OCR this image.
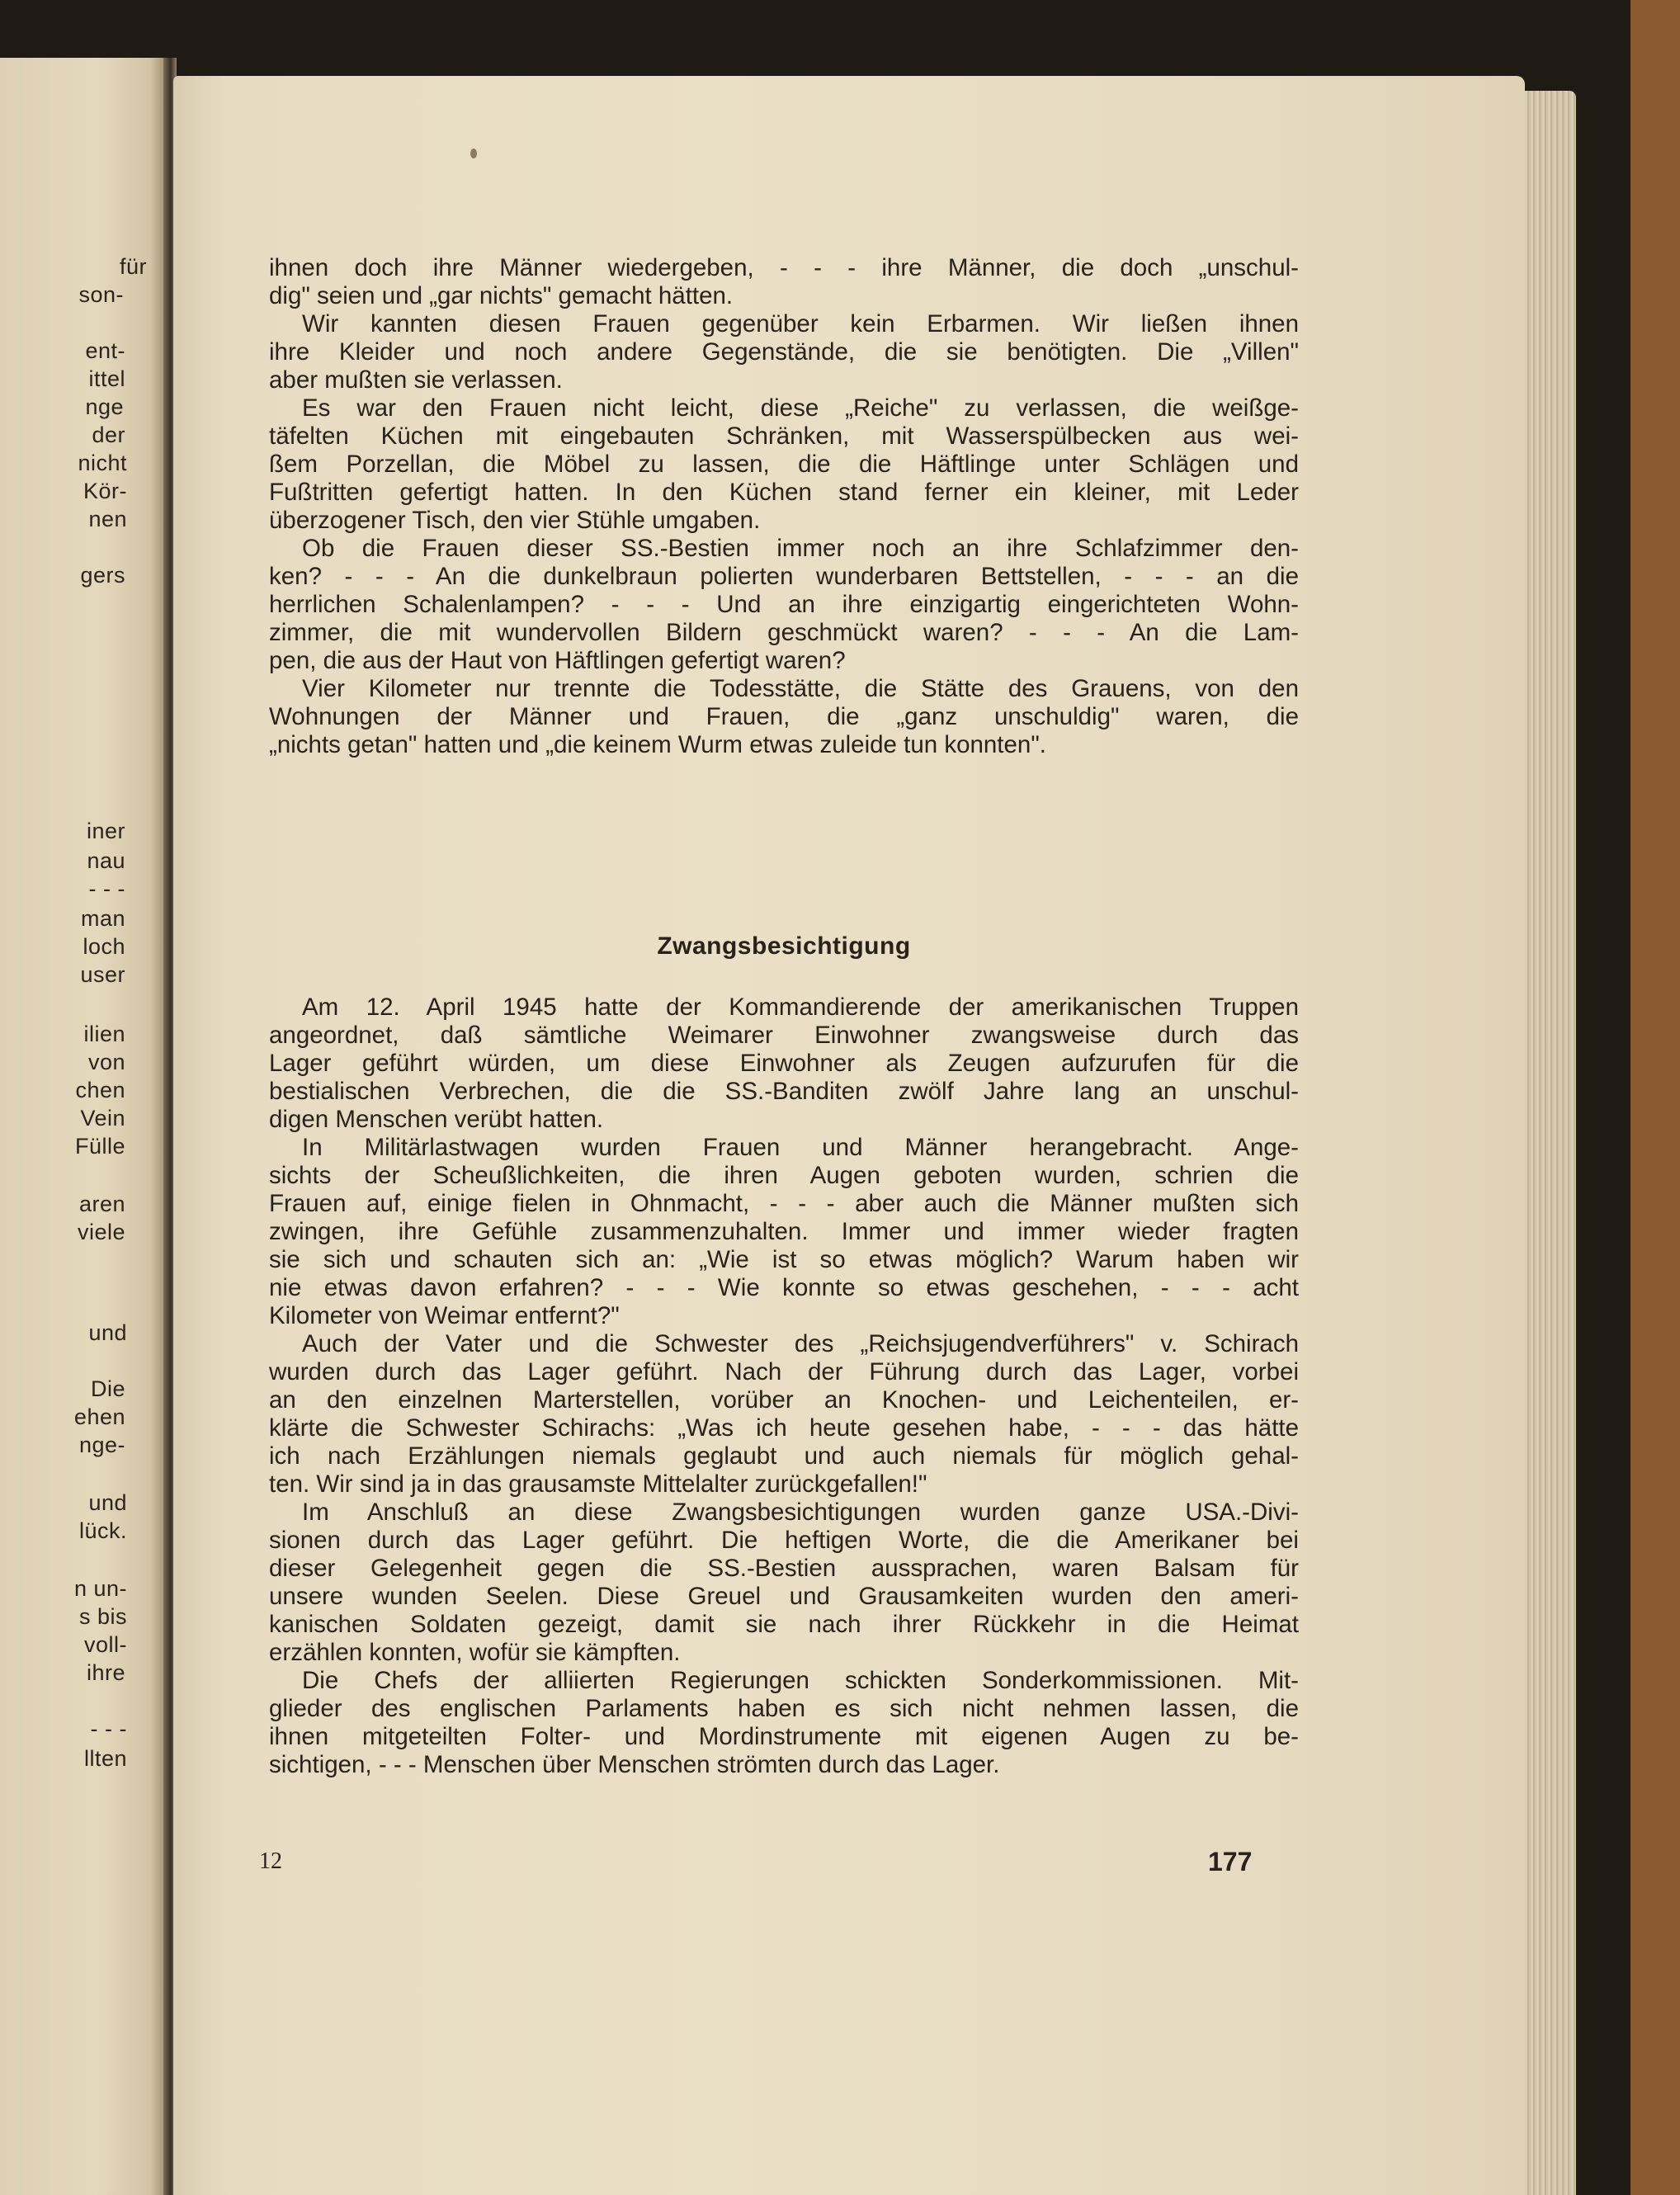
für
son-
ent-
ittel
nge
der
nicht
Kör-
nen
gers
iner
nau
- - -
man
loch
user
ilien
von
chen
Vein
Fülle
aren
viele
und
Die
ehen
nge-
und
lück.
n un-
s bis
voll-
ihre
- - -
llten
ihnen doch ihre Männer wiedergeben, - - - ihre Männer, die doch „unschul-
dig" seien und „gar nichts" gemacht hätten.
Wir kannten diesen Frauen gegenüber kein Erbarmen. Wir ließen ihnen
ihre Kleider und noch andere Gegenstände, die sie benötigten. Die „Villen"
aber mußten sie verlassen.
Es war den Frauen nicht leicht, diese „Reiche" zu verlassen, die weißge-
täfelten Küchen mit eingebauten Schränken, mit Wasserspülbecken aus wei-
ßem Porzellan, die Möbel zu lassen, die die Häftlinge unter Schlägen und
Fußtritten gefertigt hatten. In den Küchen stand ferner ein kleiner, mit Leder
überzogener Tisch, den vier Stühle umgaben.
Ob die Frauen dieser SS.-Bestien immer noch an ihre Schlafzimmer den-
ken? - - - An die dunkelbraun polierten wunderbaren Bettstellen, - - - an die
herrlichen Schalenlampen? - - - Und an ihre einzigartig eingerichteten Wohn-
zimmer, die mit wundervollen Bildern geschmückt waren? - - - An die Lam-
pen, die aus der Haut von Häftlingen gefertigt waren?
Vier Kilometer nur trennte die Todesstätte, die Stätte des Grauens, von den
Wohnungen der Männer und Frauen, die „ganz unschuldig" waren, die
„nichts getan" hatten und „die keinem Wurm etwas zuleide tun konnten".
Zwangsbesichtigung
Am 12. April 1945 hatte der Kommandierende der amerikanischen Truppen
angeordnet, daß sämtliche Weimarer Einwohner zwangsweise durch das
Lager geführt würden, um diese Einwohner als Zeugen aufzurufen für die
bestialischen Verbrechen, die die SS.-Banditen zwölf Jahre lang an unschul-
digen Menschen verübt hatten.
In Militärlastwagen wurden Frauen und Männer herangebracht. Ange-
sichts der Scheußlichkeiten, die ihren Augen geboten wurden, schrien die
Frauen auf, einige fielen in Ohnmacht, - - - aber auch die Männer mußten sich
zwingen, ihre Gefühle zusammenzuhalten. Immer und immer wieder fragten
sie sich und schauten sich an: „Wie ist so etwas möglich? Warum haben wir
nie etwas davon erfahren? - - - Wie konnte so etwas geschehen, - - - acht
Kilometer von Weimar entfernt?"
Auch der Vater und die Schwester des „Reichsjugendverführers" v. Schirach
wurden durch das Lager geführt. Nach der Führung durch das Lager, vorbei
an den einzelnen Marterstellen, vorüber an Knochen- und Leichenteilen, er-
klärte die Schwester Schirachs: „Was ich heute gesehen habe, - - - das hätte
ich nach Erzählungen niemals geglaubt und auch niemals für möglich gehal-
ten. Wir sind ja in das grausamste Mittelalter zurückgefallen!"
Im Anschluß an diese Zwangsbesichtigungen wurden ganze USA.-Divi-
sionen durch das Lager geführt. Die heftigen Worte, die die Amerikaner bei
dieser Gelegenheit gegen die SS.-Bestien aussprachen, waren Balsam für
unsere wunden Seelen. Diese Greuel und Grausamkeiten wurden den ameri-
kanischen Soldaten gezeigt, damit sie nach ihrer Rückkehr in die Heimat
erzählen konnten, wofür sie kämpften.
Die Chefs der alliierten Regierungen schickten Sonderkommissionen. Mit-
glieder des englischen Parlaments haben es sich nicht nehmen lassen, die
ihnen mitgeteilten Folter- und Mordinstrumente mit eigenen Augen zu be-
sichtigen, - - - Menschen über Menschen strömten durch das Lager.
12	177
